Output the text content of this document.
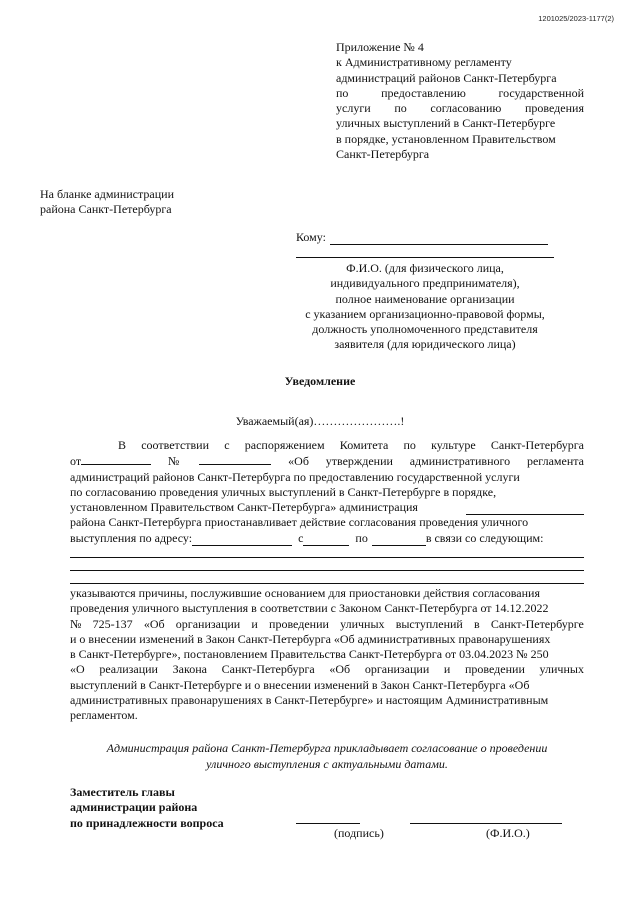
1201025/2023-1177(2)
Приложение № 4
к Административному регламенту
администраций районов Санкт-Петербурга
по	предоставлению	государственной
услуги по согласованию проведения
уличных выступлений в Санкт-Петербурге
в порядке, установленном Правительством
Санкт-Петербурга
На бланке администрации
района Санкт-Петербурга
Кому:
Ф.И.О. (для физического лица,
индивидуального предпринимателя),
полное наименование организации
с указанием организационно-правовой формы,
должность уполномоченного представителя
заявителя (для юридического лица)
Уведомление
Уважаемый(ая)………………….!
В соответствии с распоряжением Комитета по культуре Санкт-Петербурга
от	№	«Об утверждении административного регламента
администраций районов Санкт-Петербурга по предоставлению государственной услуги
по согласованию проведения уличных выступлений в Санкт-Петербурге в порядке,
установленном Правительством Санкт-Петербурга» администрация
района Санкт-Петербурга приостанавливает действие согласования проведения уличного
выступления по адресу:	с	по	в связи со следующим:
указываются причины, послужившие основанием для приостановки действия согласования
проведения уличного выступления в соответствии с Законом Санкт-Петербурга от 14.12.2022
№ 725-137 «Об организации и проведении уличных выступлений в Санкт-Петербурге
и о внесении изменений в Закон Санкт-Петербурга «Об административных правонарушениях
в Санкт-Петербурге», постановлением Правительства Санкт-Петербурга от 03.04.2023 № 250
«О реализации Закона Санкт-Петербурга «Об организации и проведении уличных
выступлений в Санкт-Петербурге и о внесении изменений в Закон Санкт-Петербурга «Об
административных правонарушениях в Санкт-Петербурге» и настоящим Административным
регламентом.
Администрация района Санкт-Петербурга прикладывает согласование о проведении
уличного выступления с актуальными датами.
Заместитель главы
администрации района
по принадлежности вопроса
(подпись)	(Ф.И.О.)
